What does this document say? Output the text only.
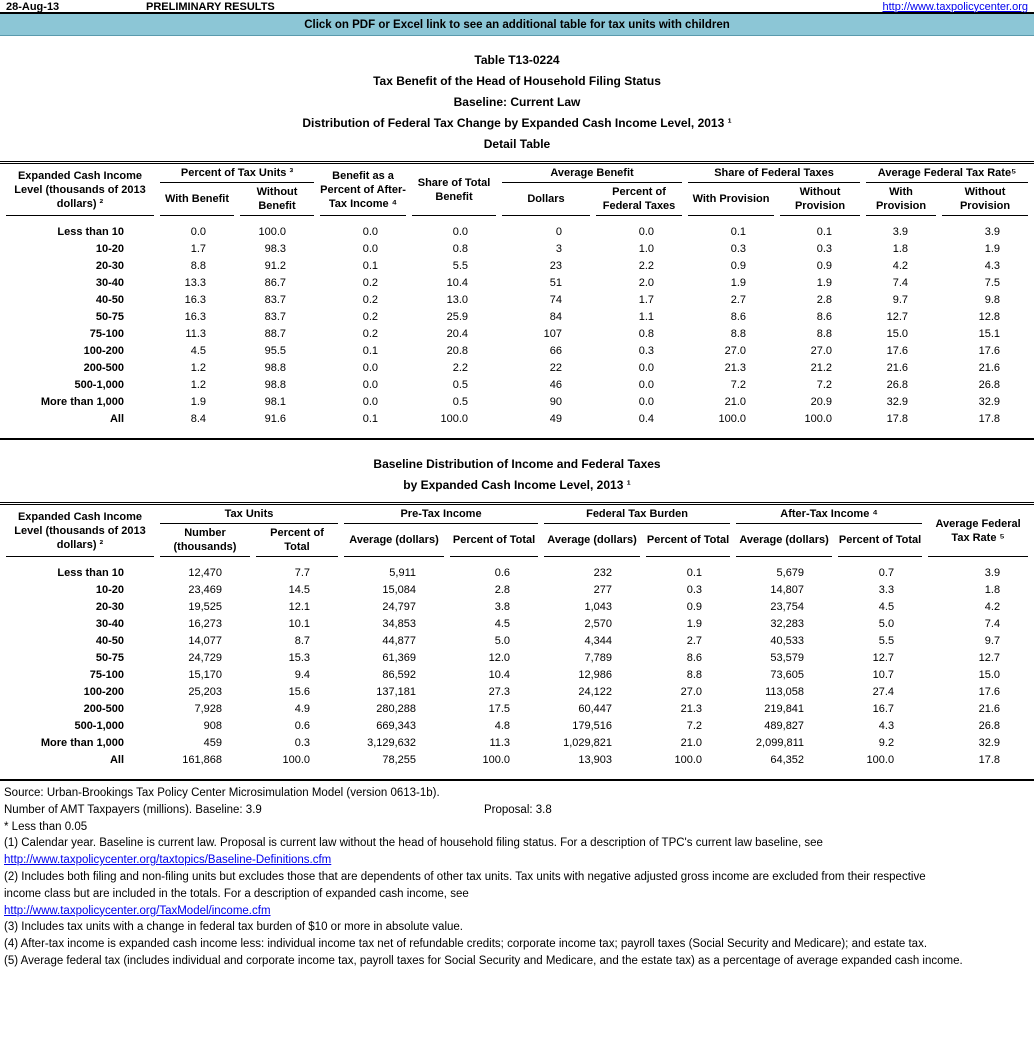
28-Aug-13	PRELIMINARY RESULTS	http://www.taxpolicycenter.org
Click on PDF or Excel link to see an additional table for tax units with children
Table T13-0224
Tax Benefit of the Head of Household Filing Status
Baseline: Current Law
Distribution of Federal Tax Change by Expanded Cash Income Level, 2013 ¹
Detail Table
Expanded Cash Income Level (thousands of 2013 dollars) ²	Percent of Tax Units ³		Benefit as a Percent of After-Tax Income ⁴	Share of Total Benefit	Average Benefit		Share of Federal Taxes		Average Federal Tax Rate⁵	
	With Benefit	Without Benefit			Dollars	Percent of Federal Taxes	With Provision	Without Provision	With Provision	Without Provision
Less than 10	0.0	100.0	0.0	0.0	0	0.0	0.1	0.1	3.9	3.9
10-20	1.7	98.3	0.0	0.8	3	1.0	0.3	0.3	1.8	1.9
20-30	8.8	91.2	0.1	5.5	23	2.2	0.9	0.9	4.2	4.3
30-40	13.3	86.7	0.2	10.4	51	2.0	1.9	1.9	7.4	7.5
40-50	16.3	83.7	0.2	13.0	74	1.7	2.7	2.8	9.7	9.8
50-75	16.3	83.7	0.2	25.9	84	1.1	8.6	8.6	12.7	12.8
75-100	11.3	88.7	0.2	20.4	107	0.8	8.8	8.8	15.0	15.1
100-200	4.5	95.5	0.1	20.8	66	0.3	27.0	27.0	17.6	17.6
200-500	1.2	98.8	0.0	2.2	22	0.0	21.3	21.2	21.6	21.6
500-1,000	1.2	98.8	0.0	0.5	46	0.0	7.2	7.2	26.8	26.8
More than 1,000	1.9	98.1	0.0	0.5	90	0.0	21.0	20.9	32.9	32.9
All	8.4	91.6	0.1	100.0	49	0.4	100.0	100.0	17.8	17.8
Baseline Distribution of Income and Federal Taxes
by Expanded Cash Income Level, 2013 ¹
Expanded Cash Income Level (thousands of 2013 dollars) ²	Tax Units		Pre-Tax Income		Federal Tax Burden		After-Tax Income ⁴		Average Federal Tax Rate ⁵
	Number (thousands)	Percent of Total	Average (dollars)	Percent of Total	Average (dollars)	Percent of Total	Average (dollars)	Percent of Total	
Less than 10	12,470	7.7	5,911	0.6	232	0.1	5,679	0.7	3.9
10-20	23,469	14.5	15,084	2.8	277	0.3	14,807	3.3	1.8
20-30	19,525	12.1	24,797	3.8	1,043	0.9	23,754	4.5	4.2
30-40	16,273	10.1	34,853	4.5	2,570	1.9	32,283	5.0	7.4
40-50	14,077	8.7	44,877	5.0	4,344	2.7	40,533	5.5	9.7
50-75	24,729	15.3	61,369	12.0	7,789	8.6	53,579	12.7	12.7
75-100	15,170	9.4	86,592	10.4	12,986	8.8	73,605	10.7	15.0
100-200	25,203	15.6	137,181	27.3	24,122	27.0	113,058	27.4	17.6
200-500	7,928	4.9	280,288	17.5	60,447	21.3	219,841	16.7	21.6
500-1,000	908	0.6	669,343	4.8	179,516	7.2	489,827	4.3	26.8
More than 1,000	459	0.3	3,129,632	11.3	1,029,821	21.0	2,099,811	9.2	32.9
All	161,868	100.0	78,255	100.0	13,903	100.0	64,352	100.0	17.8
Source: Urban-Brookings Tax Policy Center Microsimulation Model (version 0613-1b).
Number of AMT Taxpayers (millions). Baseline: 3.9	Proposal: 3.8
* Less than 0.05
(1) Calendar year. Baseline is current law. Proposal is current law without the head of household filing status. For a description of TPC's current law baseline, see
http://www.taxpolicycenter.org/taxtopics/Baseline-Definitions.cfm
(2) Includes both filing and non-filing units but excludes those that are dependents of other tax units. Tax units with negative adjusted gross income are excluded from their respective
income class but are included in the totals. For a description of expanded cash income, see
http://www.taxpolicycenter.org/TaxModel/income.cfm
(3) Includes tax units with a change in federal tax burden of $10 or more in absolute value.
(4) After-tax income is expanded cash income less: individual income tax net of refundable credits; corporate income tax; payroll taxes (Social Security and Medicare); and estate tax.
(5) Average federal tax (includes individual and corporate income tax, payroll taxes for Social Security and Medicare, and the estate tax) as a percentage of average expanded cash income.
